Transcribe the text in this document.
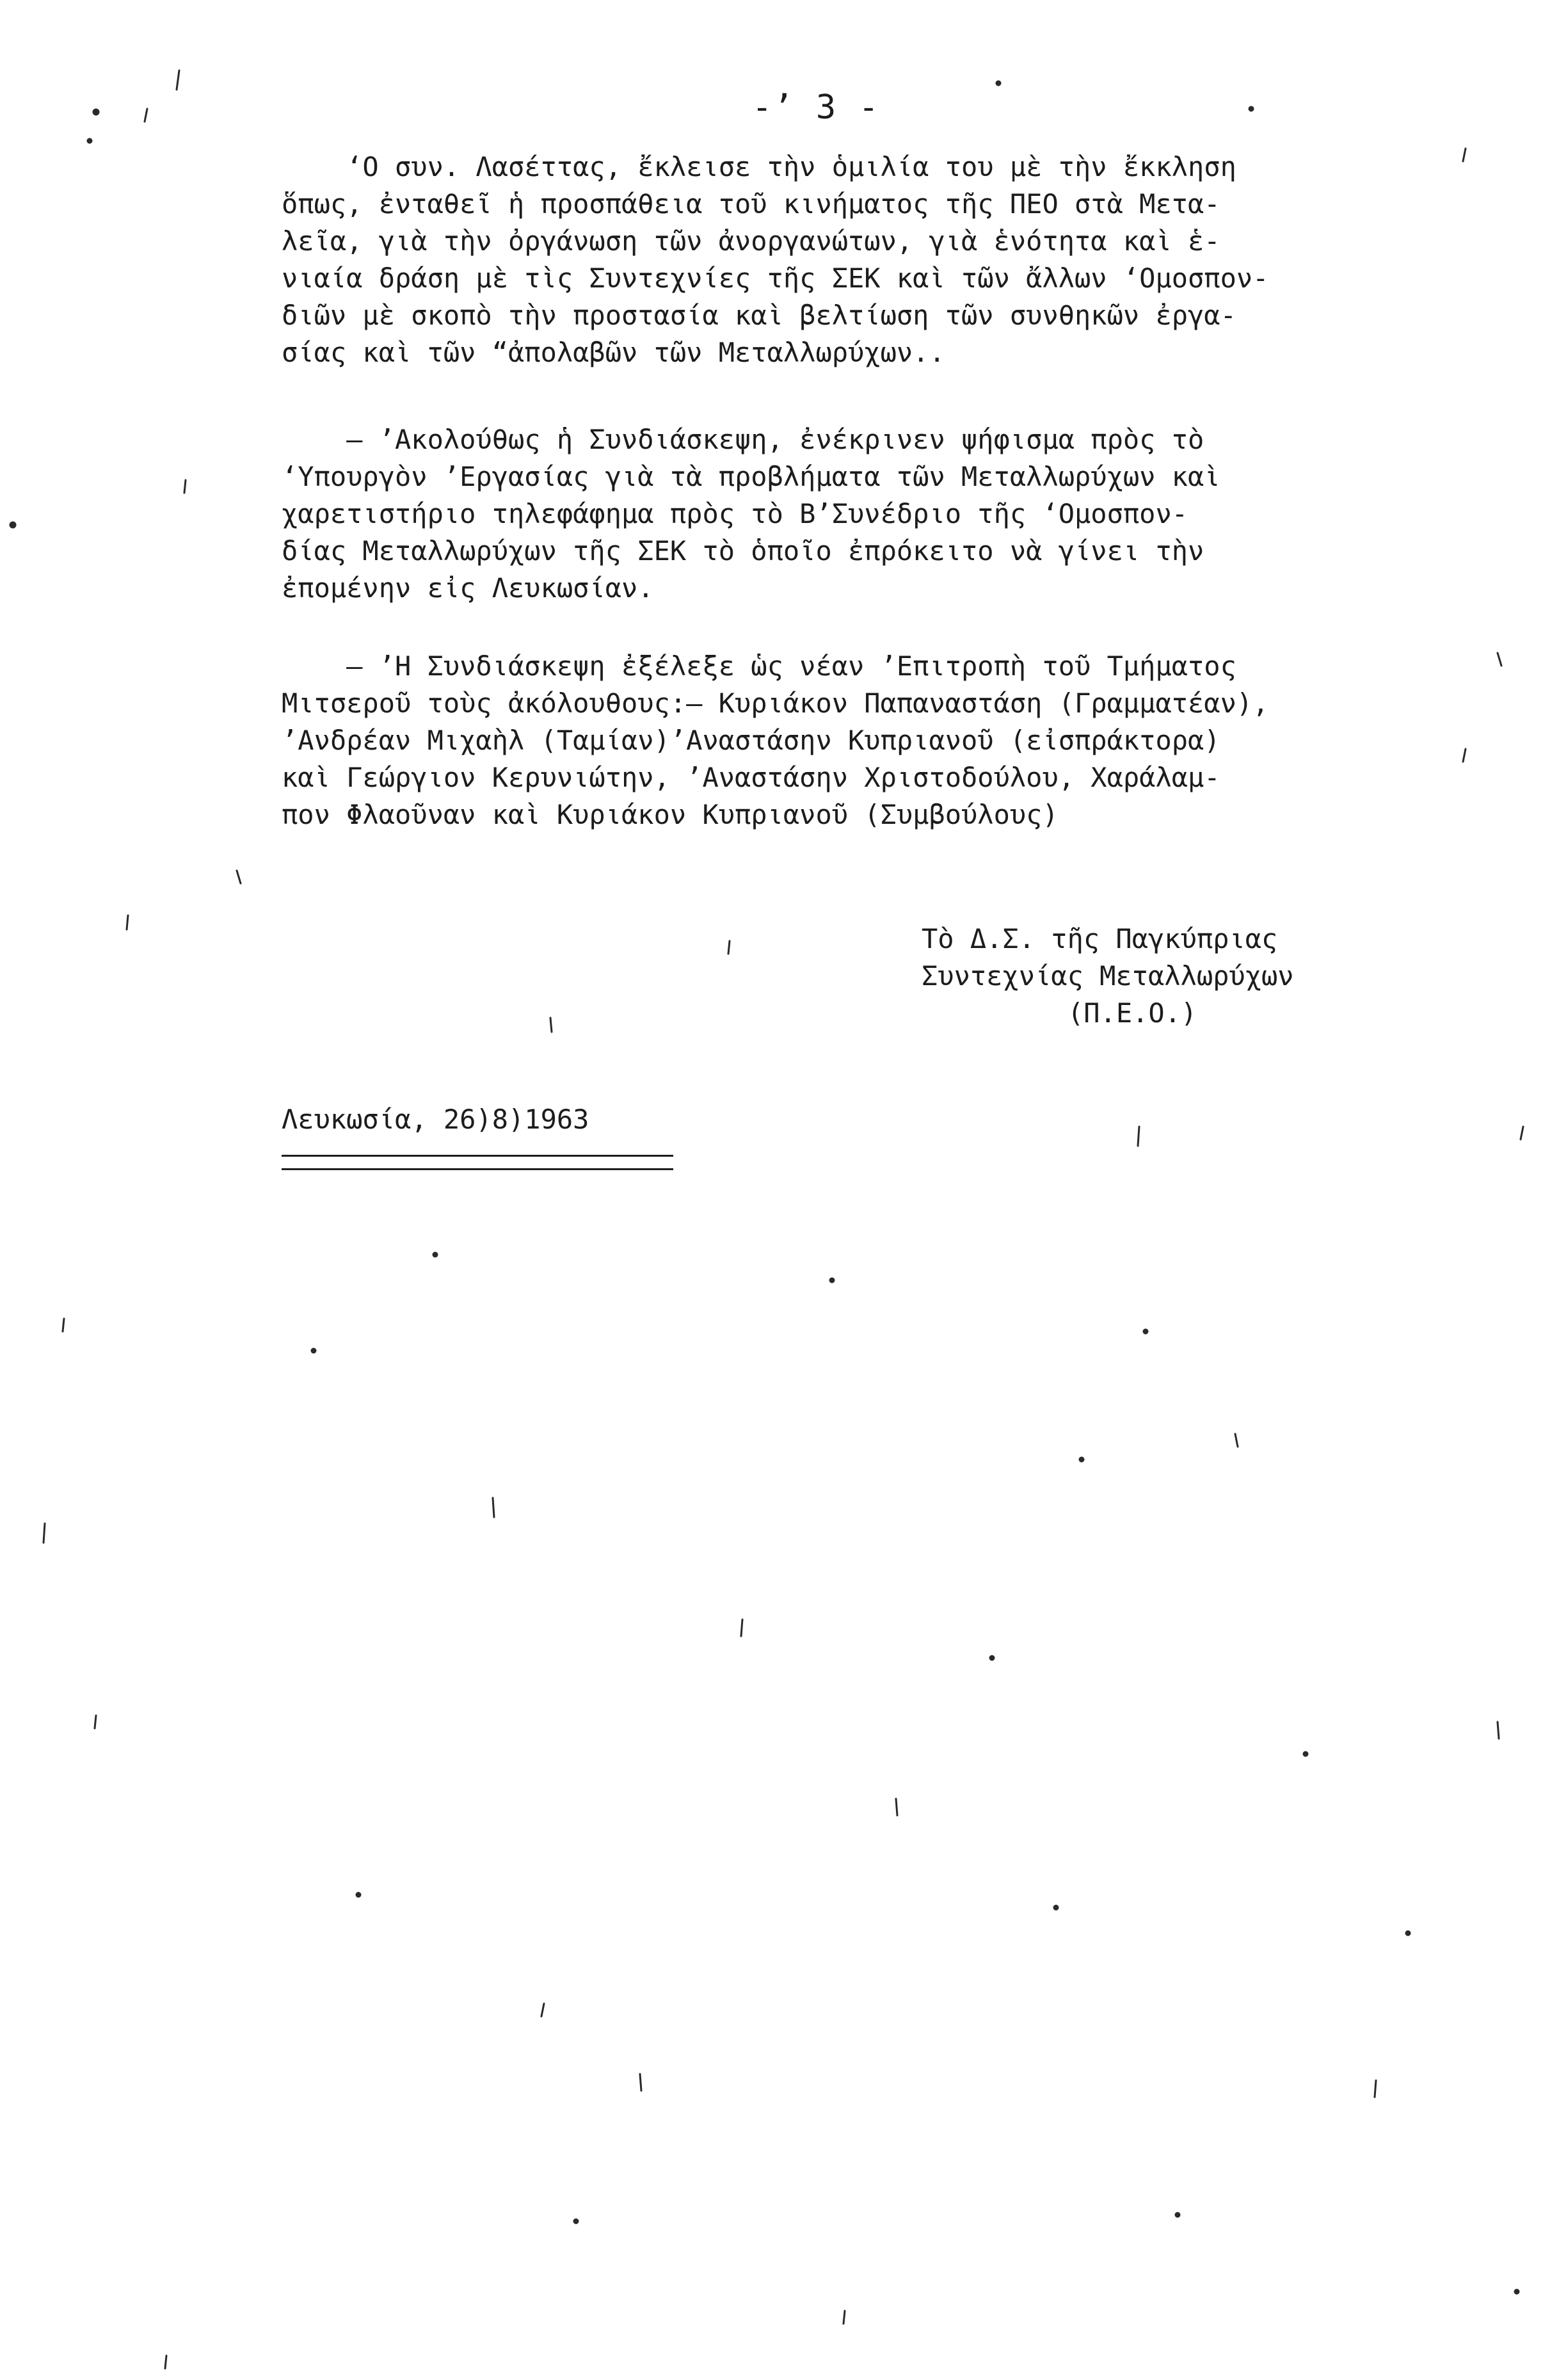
-’ 3 -
‘Ο συν. Λασέττας, ἔκλεισε τὴν ὁμιλία του μὲ τὴν ἔκκληση
ὅπως, ἐνταθεῖ ἡ προσπάθεια τοῦ κινήματος τῆς ΠΕΟ στὰ Μετα-
λεῖα, γιὰ τὴν ὀργάνωση τῶν ἀνοργανώτων, γιὰ ἑνότητα καὶ ἑ-
νιαία δράση μὲ τὶς Συντεχνίες τῆς ΣΕΚ καὶ τῶν ἄλλων ‘Ομοσπον-
διῶν μὲ σκοπὸ τὴν προστασία καὶ βελτίωση τῶν συνθηκῶν ἐργα-
σίας καὶ τῶν “ἀπολαβῶν τῶν Μεταλλωρύχων..
– ’Ακολούθως ἡ Συνδιάσκεψη, ἐνέκρινεν ψήφισμα πρὸς τὸ
‘Υπουργὸν ’Εργασίας γιὰ τὰ προβλήματα τῶν Μεταλλωρύχων καὶ
χαρετιστήριο τηλεφάφημα πρὸς τὸ Β’Συνέδριο τῆς ‘Ομοσπον-
δίας Μεταλλωρύχων τῆς ΣΕΚ τὸ ὁποῖο ἐπρόκειτο νὰ γίνει τὴν
ἐπομένην εἰς Λευκωσίαν.
– ’Η Συνδιάσκεψη ἐξέλεξε ὡς νέαν ’Επιτροπὴ τοῦ Τμήματος
Μιτσεροῦ τοὺς ἀκόλουθους:– Κυριάκον Παπαναστάση (Γραμματέαν),
’Ανδρέαν Μιχαὴλ (Ταμίαν)’Αναστάσην Κυπριανοῦ (εἰσπράκτορα)
καὶ Γεώργιον Κερυνιώτην, ’Αναστάσην Χριστοδούλου, Χαράλαμ-
πον Φλαοῦναν καὶ Κυριάκον Κυπριανοῦ (Συμβούλους)
Τὸ Δ.Σ. τῆς Παγκύπριας
Συντεχνίας Μεταλλωρύχων
(Π.Ε.Ο.)
Λευκωσία, 26)8)1963
